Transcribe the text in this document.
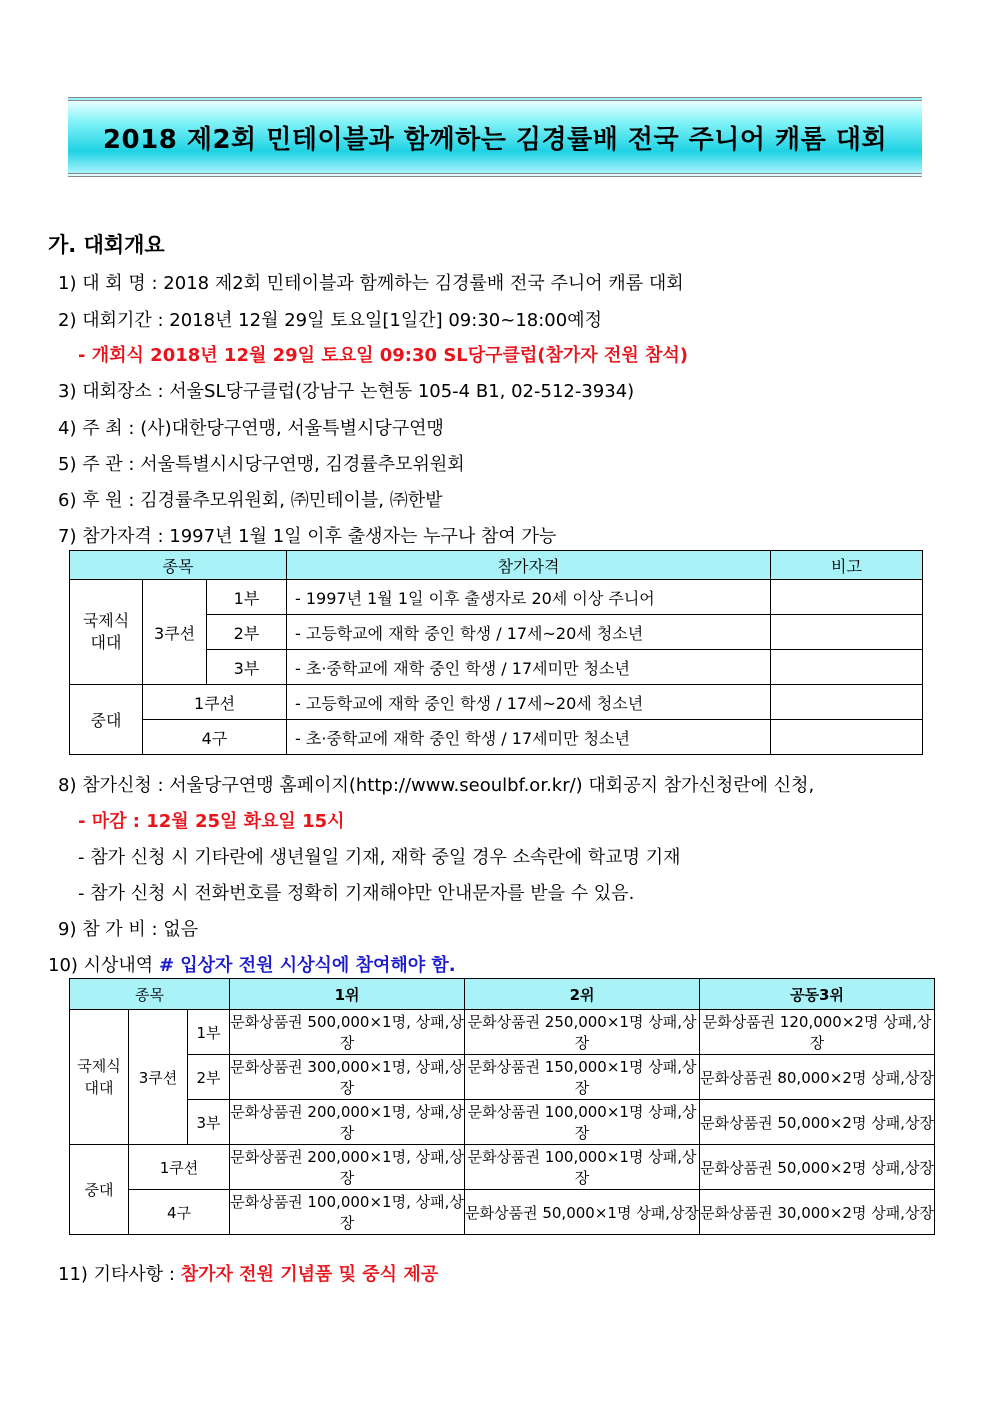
2018 제2회 민테이블과 함께하는 김경률배 전국 주니어 캐롬 대회
가. 대회개요
1) 대 회 명 : 2018 제2회 민테이블과 함께하는 김경률배 전국 주니어 캐롬 대회
2) 대회기간 : 2018년 12월 29일 토요일[1일간] 09:30~18:00예정
- 개회식 2018년 12월 29일 토요일 09:30 SL당구클럽(참가자 전원 참석)
3) 대회장소 : 서울SL당구클럽(강남구 논현동 105-4 B1, 02-512-3934)
4) 주 최 : (사)대한당구연맹, 서울특별시당구연맹
5) 주 관 : 서울특별시시당구연맹, 김경률추모위원회
6) 후 원 : 김경률추모위원회, ㈜민테이블, ㈜한밭
7) 참가자격 : 1997년 1월 1일 이후 출생자는 누구나 참여 가능
종목			참가자격	비고
국제식
대대	3쿠션	1부	- 1997년 1월 1일 이후 출생자로 20세 이상 주니어	
		2부	- 고등학교에 재학 중인 학생 / 17세~20세 청소년	
		3부	- 초·중학교에 재학 중인 학생 / 17세미만 청소년	
중대	1쿠션		- 고등학교에 재학 중인 학생 / 17세~20세 청소년	
	4구		- 초·중학교에 재학 중인 학생 / 17세미만 청소년	
8) 참가신청 : 서울당구연맹 홈페이지(http://www.seoulbf.or.kr/) 대회공지 참가신청란에 신청,
- 마감 : 12월 25일 화요일 15시
- 참가 신청 시 기타란에 생년월일 기재, 재학 중일 경우 소속란에 학교명 기재
- 참가 신청 시 전화번호를 정확히 기재해야만 안내문자를 받을 수 있음.
9) 참 가 비 : 없음
10) 시상내역 # 입상자 전원 시상식에 참여해야 함.
종목			1위	2위	공동3위
국제식
대대	3쿠션	1부	문화상품권 500,000×1명, 상패,상장	문화상품권 250,000×1명 상패,상장	문화상품권 120,000×2명 상패,상장
		2부	문화상품권 300,000×1명, 상패,상장	문화상품권 150,000×1명 상패,상장	문화상품권 80,000×2명 상패,상장
		3부	문화상품권 200,000×1명, 상패,상장	문화상품권 100,000×1명 상패,상장	문화상품권 50,000×2명 상패,상장
중대	1쿠션		문화상품권 200,000×1명, 상패,상장	문화상품권 100,000×1명 상패,상장	문화상품권 50,000×2명 상패,상장
	4구		문화상품권 100,000×1명, 상패,상장	문화상품권 50,000×1명 상패,상장	문화상품권 30,000×2명 상패,상장
11) 기타사항 : 참가자 전원 기념품 및 중식 제공
